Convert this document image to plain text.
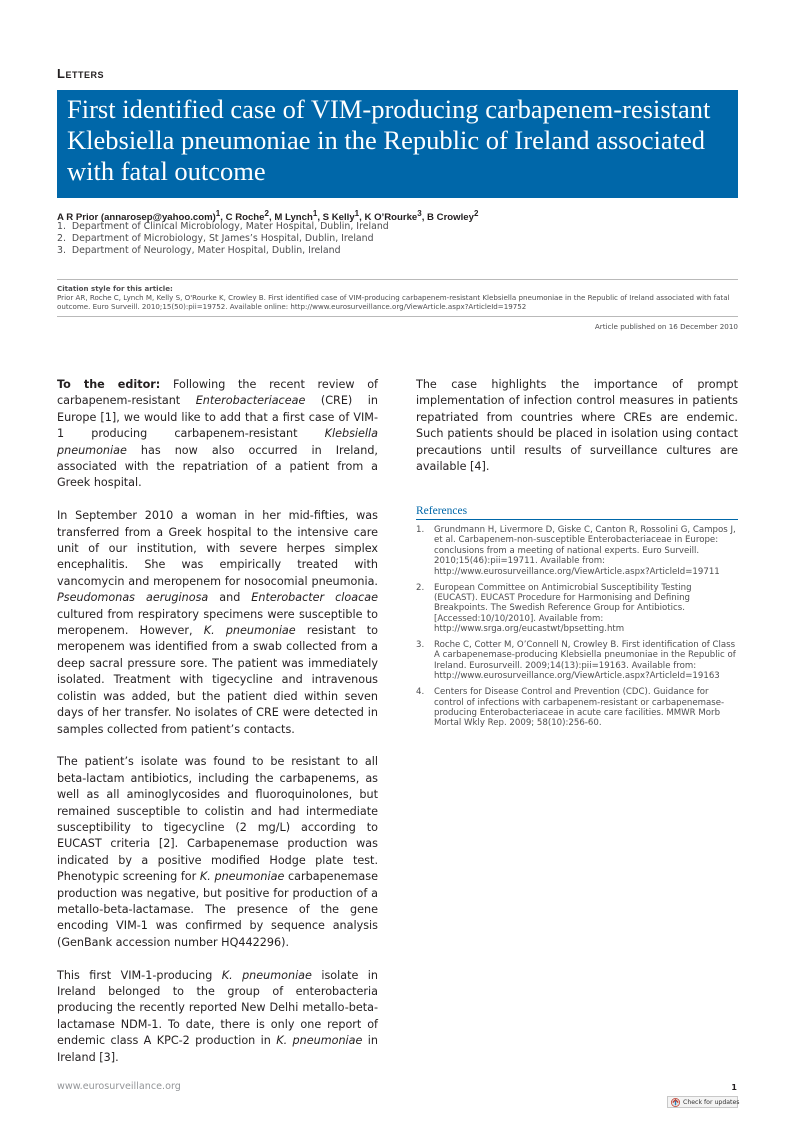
Letters
First identified case of VIM-producing carbapenem-resistant Klebsiella pneumoniae in the Republic of Ireland associated with fatal outcome
A R Prior (annarosep@yahoo.com)$^1$, C Roche$^2$, M Lynch$^1$, S Kelly$^1$, K O’Rourke$^3$, B Crowley$^2$
1. Department of Clinical Microbiology, Mater Hospital, Dublin, Ireland
2. Department of Microbiology, St James’s Hospital, Dublin, Ireland
3. Department of Neurology, Mater Hospital, Dublin, Ireland
Citation style for this article:
Prior AR, Roche C, Lynch M, Kelly S, O'Rourke K, Crowley B. First identified case of VIM-producing carbapenem-resistant Klebsiella pneumoniae in the Republic of Ireland associated with fatal outcome. Euro Surveill. 2010;15(50):pii=19752. Available online: http://www.eurosurveillance.org/ViewArticle.aspx?ArticleId=19752
Article published on 16 December 2010

To the editor: Following the recent review of carbapenem-resistant Enterobacteriaceae (CRE) in Europe [1], we would like to add that a first case of VIM-1 producing carbapenem-resistant Klebsiella pneumoniae has now also occurred in Ireland, associated with the repatriation of a patient from a Greek hospital.

In September 2010 a woman in her mid-fifties, was transferred from a Greek hospital to the intensive care unit of our institution, with severe herpes simplex encephalitis. She was empirically treated with vancomycin and meropenem for nosocomial pneumonia. Pseudomonas aeruginosa and Enterobacter cloacae cultured from respiratory specimens were susceptible to meropenem. However, K. pneumoniae resistant to meropenem was identified from a swab collected from a deep sacral pressure sore. The patient was immediately isolated. Treatment with tigecycline and intravenous colistin was added, but the patient died within seven days of her transfer. No isolates of CRE were detected in samples collected from patient’s contacts.

The patient’s isolate was found to be resistant to all beta-lactam antibiotics, including the carbapenems, as well as all aminoglycosides and fluoroquinolones, but remained susceptible to colistin and had intermediate susceptibility to tigecycline (2 mg/L) according to EUCAST criteria [2]. Carbapenemase production was indicated by a positive modified Hodge plate test. Phenotypic screening for K. pneumoniae carbapenemase production was negative, but positive for production of a metallo-beta-lactamase. The presence of the gene encoding VIM-1 was confirmed by sequence analysis (GenBank accession number HQ442296).

This first VIM-1-producing K. pneumoniae isolate in Ireland belonged to the group of enterobacteria producing the recently reported New Delhi metallo-beta-lactamase NDM-1. To date, there is only one report of endemic class A KPC-2 production in K. pneumoniae in Ireland [3].

The case highlights the importance of prompt implementation of infection control measures in patients repatriated from countries where CREs are endemic. Such patients should be placed in isolation using contact precautions until results of surveillance cultures are available [4].

References
1.	Grundmann H, Livermore D, Giske C, Canton R, Rossolini G, Campos J, et al. Carbapenem-non-susceptible Enterobacteriaceae in Europe: conclusions from a meeting of national experts. Euro Surveill. 2010;15(46):pii=19711. Available from: http://www.eurosurveillance.org/ViewArticle.aspx?ArticleId=19711
2.	European Committee on Antimicrobial Susceptibility Testing (EUCAST). EUCAST Procedure for Harmonising and Defining Breakpoints. The Swedish Reference Group for Antibiotics. [Accessed:10/10/2010]. Available from: http://www.srga.org/eucastwt/bpsetting.htm
3.	Roche C, Cotter M, O’Connell N, Crowley B. First identification of Class A carbapenemase-producing Klebsiella pneumoniae in the Republic of Ireland. Eurosurveill. 2009;14(13):pii=19163. Available from: http://www.eurosurveillance.org/ViewArticle.aspx?ArticleId=19163
4.	Centers for Disease Control and Prevention (CDC). Guidance for control of infections with carbapenem-resistant or carbapenemase-producing Enterobacteriaceae in acute care facilities. MMWR Morb Mortal Wkly Rep. 2009; 58(10):256-60.
www.eurosurveillance.org	1
Check for updates
